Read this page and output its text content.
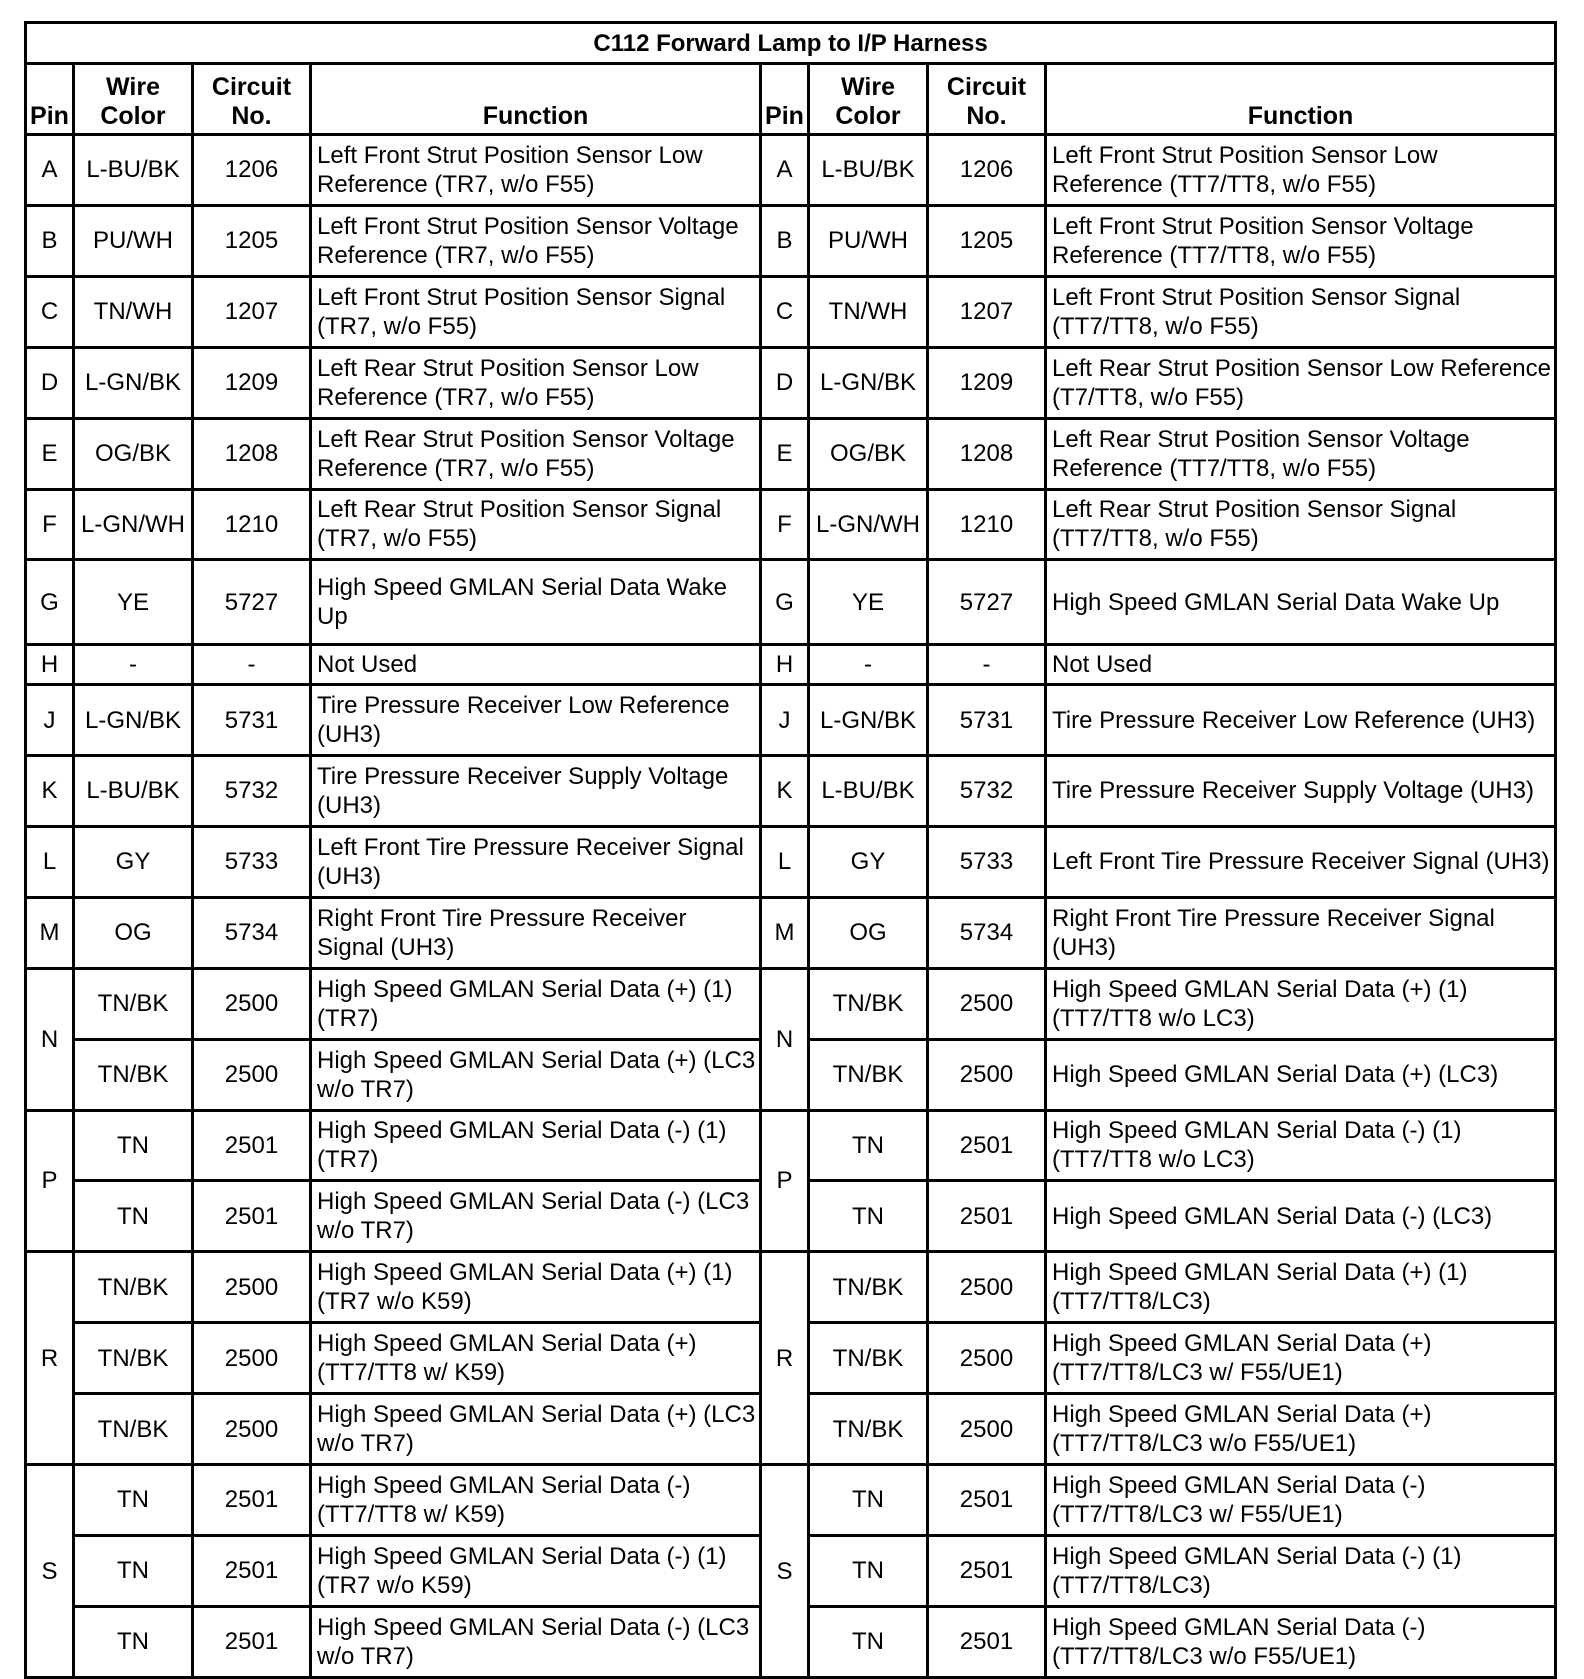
C112 Forward Lamp to I/P Harness							
Pin	Wire Color	Circuit No.	Function	Pin	Wire Color	Circuit No.	Function
A	L-BU/BK	1206	Left Front Strut Position Sensor Low Reference (TR7, w/o F55)	A	L-BU/BK	1206	Left Front Strut Position Sensor Low Reference (TT7/TT8, w/o F55)
B	PU/WH	1205	Left Front Strut Position Sensor Voltage Reference (TR7, w/o F55)	B	PU/WH	1205	Left Front Strut Position Sensor Voltage Reference (TT7/TT8, w/o F55)
C	TN/WH	1207	Left Front Strut Position Sensor Signal (TR7, w/o F55)	C	TN/WH	1207	Left Front Strut Position Sensor Signal (TT7/TT8, w/o F55)
D	L-GN/BK	1209	Left Rear Strut Position Sensor Low Reference (TR7, w/o F55)	D	L-GN/BK	1209	Left Rear Strut Position Sensor Low Reference (T7/TT8, w/o F55)
E	OG/BK	1208	Left Rear Strut Position Sensor Voltage Reference (TR7, w/o F55)	E	OG/BK	1208	Left Rear Strut Position Sensor Voltage Reference (TT7/TT8, w/o F55)
F	L-GN/WH	1210	Left Rear Strut Position Sensor Signal (TR7, w/o F55)	F	L-GN/WH	1210	Left Rear Strut Position Sensor Signal (TT7/TT8, w/o F55)
G	YE	5727	High Speed GMLAN Serial Data Wake Up	G	YE	5727	High Speed GMLAN Serial Data Wake Up
H	-	-	Not Used	H	-	-	Not Used
J	L-GN/BK	5731	Tire Pressure Receiver Low Reference (UH3)	J	L-GN/BK	5731	Tire Pressure Receiver Low Reference (UH3)
K	L-BU/BK	5732	Tire Pressure Receiver Supply Voltage (UH3)	K	L-BU/BK	5732	Tire Pressure Receiver Supply Voltage (UH3)
L	GY	5733	Left Front Tire Pressure Receiver Signal (UH3)	L	GY	5733	Left Front Tire Pressure Receiver Signal (UH3)
M	OG	5734	Right Front Tire Pressure Receiver Signal (UH3)	M	OG	5734	Right Front Tire Pressure Receiver Signal (UH3)
N	TN/BK	2500	High Speed GMLAN Serial Data (+) (1) (TR7)	N	TN/BK	2500	High Speed GMLAN Serial Data (+) (1) (TT7/TT8 w/o LC3)
	TN/BK	2500	High Speed GMLAN Serial Data (+) (LC3 w/o TR7)		TN/BK	2500	High Speed GMLAN Serial Data (+) (LC3)
P	TN	2501	High Speed GMLAN Serial Data (-) (1) (TR7)	P	TN	2501	High Speed GMLAN Serial Data (-) (1) (TT7/TT8 w/o LC3)
	TN	2501	High Speed GMLAN Serial Data (-) (LC3 w/o TR7)		TN	2501	High Speed GMLAN Serial Data (-) (LC3)
R	TN/BK	2500	High Speed GMLAN Serial Data (+) (1) (TR7 w/o K59)	R	TN/BK	2500	High Speed GMLAN Serial Data (+) (1) (TT7/TT8/LC3)
	TN/BK	2500	High Speed GMLAN Serial Data (+) (TT7/TT8 w/ K59)		TN/BK	2500	High Speed GMLAN Serial Data (+) (TT7/TT8/LC3 w/ F55/UE1)
	TN/BK	2500	High Speed GMLAN Serial Data (+) (LC3 w/o TR7)		TN/BK	2500	High Speed GMLAN Serial Data (+) (TT7/TT8/LC3 w/o F55/UE1)
S	TN	2501	High Speed GMLAN Serial Data (-) (TT7/TT8 w/ K59)	S	TN	2501	High Speed GMLAN Serial Data (-) (TT7/TT8/LC3 w/ F55/UE1)
	TN	2501	High Speed GMLAN Serial Data (-) (1) (TR7 w/o K59)		TN	2501	High Speed GMLAN Serial Data (-) (1) (TT7/TT8/LC3)
	TN	2501	High Speed GMLAN Serial Data (-) (LC3 w/o TR7)		TN	2501	High Speed GMLAN Serial Data (-) (TT7/TT8/LC3 w/o F55/UE1)
